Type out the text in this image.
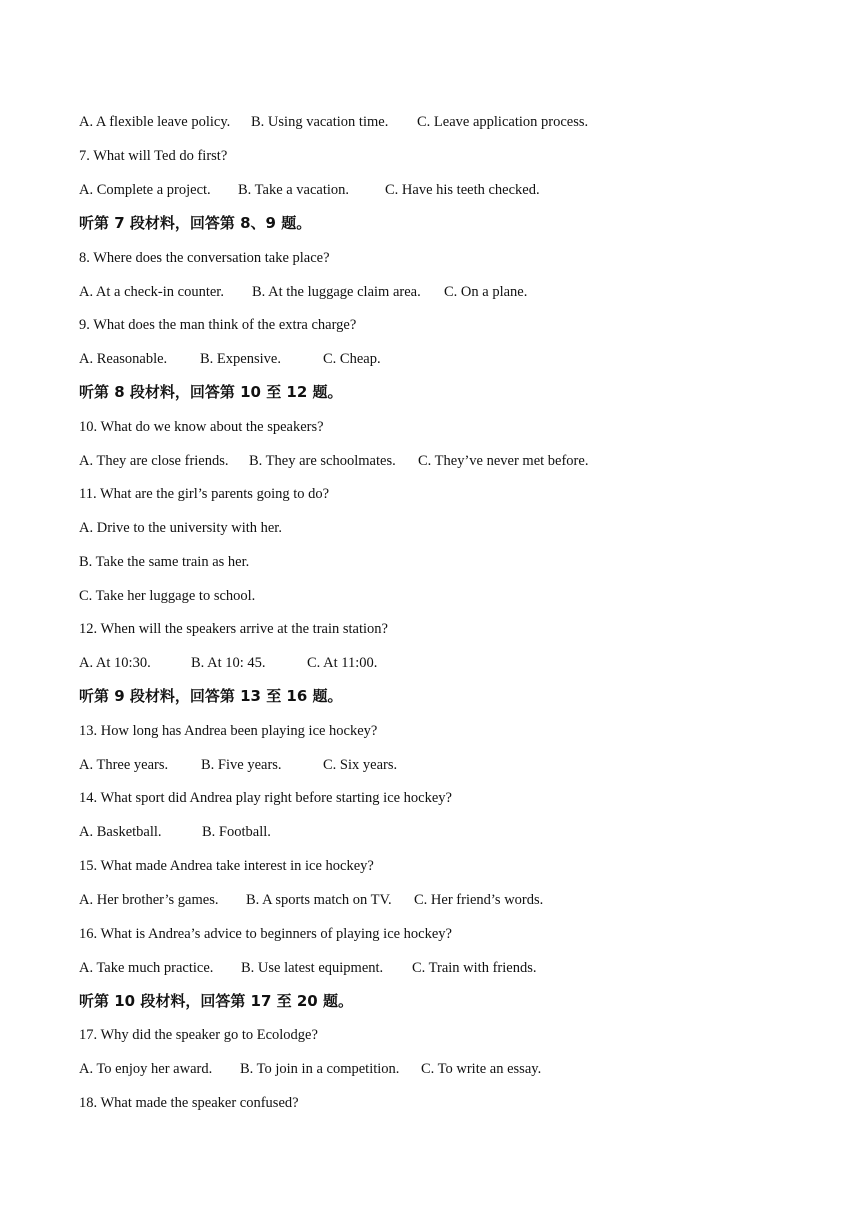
A. A flexible leave policy. B. Using vacation time. C. Leave application process.
7. What will Ted do first?
A. Complete a project. B. Take a vacation. C. Have his teeth checked.
听第 7 段材料，回答第 8、9 题。
8. Where does the conversation take place?
A. At a check-in counter. B. At the luggage claim area. C. On a plane.
9. What does the man think of the extra charge?
A. Reasonable. B. Expensive.	C. Cheap.
听第 8 段材料，回答第 10 至 12 题。
10. What do we know about the speakers?
A. They are close friends. B. They are schoolmates. C. They’ve never met before.
11. What are the girl’s parents going to do?
A. Drive to the university with her.
B. Take the same train as her.
C. Take her luggage to school.
12. When will the speakers arrive at the train station?
A. At 10:30.	B. At 10: 45.	C. At 11:00.
听第 9 段材料，回答第 13 至 16 题。
13. How long has Andrea been playing ice hockey?
A. Three years. B. Five years.	C. Six years.
14. What sport did Andrea play right before starting ice hockey?
A. Basketball.	B. Football.
15. What made Andrea take interest in ice hockey?
A. Her brother’s games. B. A sports match on TV. C. Her friend’s words.
16. What is Andrea’s advice to beginners of playing ice hockey?
A. Take much practice. B. Use latest equipment. C. Train with friends.
听第 10 段材料，回答第 17 至 20 题。
17. Why did the speaker go to Ecolodge?
A. To enjoy her award. B. To join in a competition. C. To write an essay.
18. What made the speaker confused?
